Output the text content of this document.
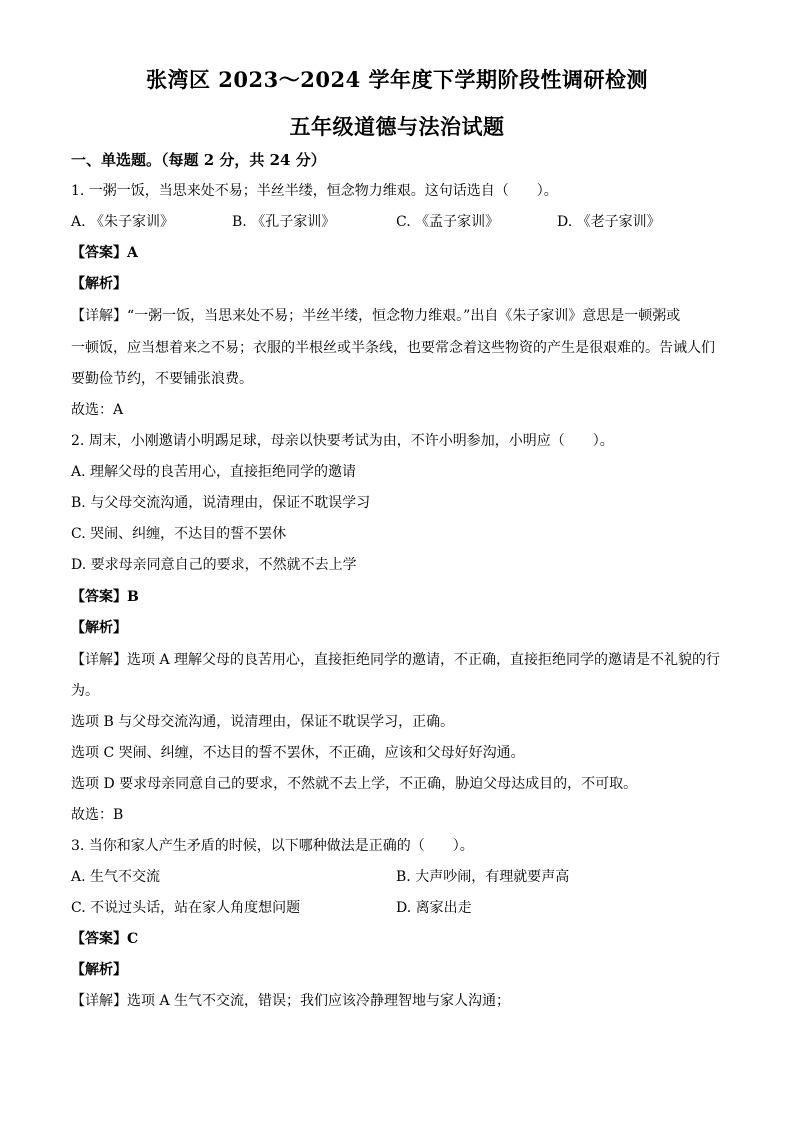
张湾区 2023～2024 学年度下学期阶段性调研检测
五年级道德与法治试题
一、单选题。（每题 2 分，共 24 分）
1. 一粥一饭，当思来处不易；半丝半缕，恒念物力维艰。这句话选自（　　）。
A. 《朱子家训》	B. 《孔子家训》	C. 《孟子家训》	D. 《老子家训》
【答案】A
【解析】
【详解】“一粥一饭，当思来处不易；半丝半缕，恒念物力维艰。”出自《朱子家训》意思是一顿粥或
一顿饭，应当想着来之不易；衣服的半根丝或半条线，也要常念着这些物资的产生是很艰难的。告诫人们
要勤俭节约，不要铺张浪费。
故选：A
2. 周末，小刚邀请小明踢足球，母亲以快要考试为由，不许小明参加，小明应（　　）。
A. 理解父母的良苦用心，直接拒绝同学的邀请
B. 与父母交流沟通，说清理由，保证不耽误学习
C. 哭闹、纠缠，不达目的誓不罢休
D. 要求母亲同意自己的要求，不然就不去上学
【答案】B
【解析】
【详解】选项 A 理解父母的良苦用心，直接拒绝同学的邀请，不正确，直接拒绝同学的邀请是不礼貌的行
为。
选项 B 与父母交流沟通，说清理由，保证不耽误学习，正确。
选项 C 哭闹、纠缠，不达目的誓不罢休，不正确，应该和父母好好沟通。
选项 D 要求母亲同意自己的要求，不然就不去上学，不正确，胁迫父母达成目的，不可取。
故选：B
3. 当你和家人产生矛盾的时候，以下哪种做法是正确的（　　）。
A. 生气不交流	B. 大声吵闹，有理就要声高
C. 不说过头话，站在家人角度想问题	D. 离家出走
【答案】C
【解析】
【详解】选项 A 生气不交流，错误；我们应该冷静理智地与家人沟通；
